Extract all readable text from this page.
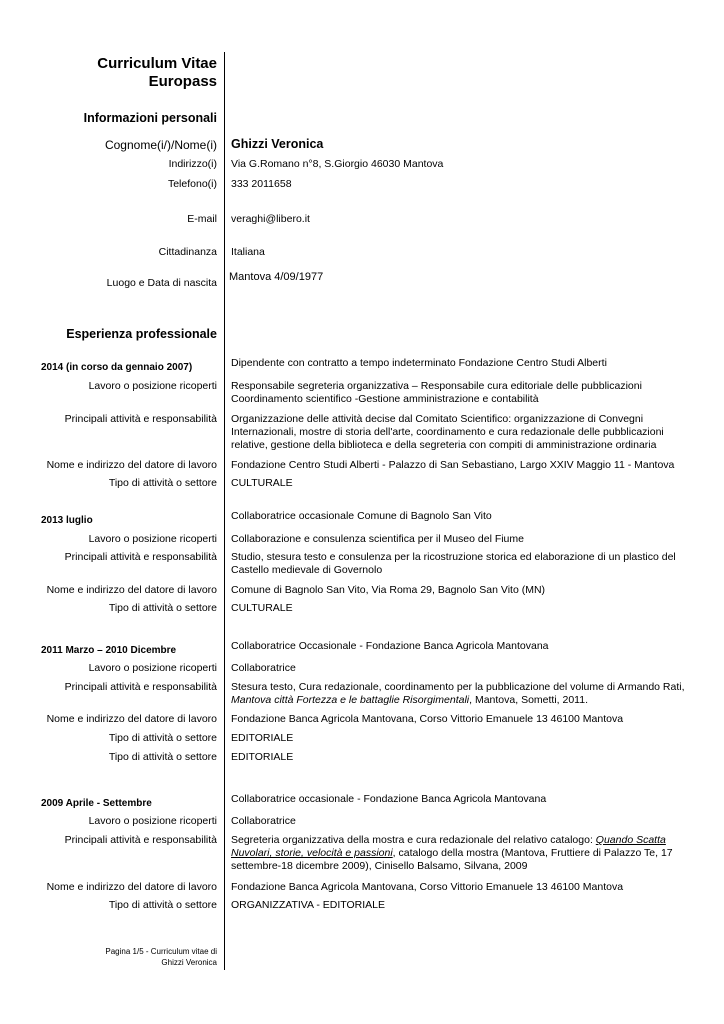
Curriculum Vitae
Europass
Informazioni personali
Cognome(i/)/Nome(i) Ghizzi Veronica
Indirizzo(i) Via G.Romano n°8, S.Giorgio 46030 Mantova
Telefono(i) 333 2011658
E-mail veraghi@libero.it
Cittadinanza Italiana
Luogo e Data di nascita Mantova 4/09/1977
Esperienza professionale
2014 (in corso da gennaio 2007)	Dipendente con contratto a tempo indeterminato Fondazione Centro Studi Alberti
Lavoro o posizione ricoperti Responsabile segreteria organizzativa – Responsabile cura editoriale delle pubblicazioni
Coordinamento scientifico -Gestione amministrazione e contabilità
Principali attività e responsabilità Organizzazione delle attività decise dal Comitato Scientifico: organizzazione di Convegni Internazionali, mostre di storia dell'arte, coordinamento e cura redazionale delle pubblicazioni relative, gestione della biblioteca e della segreteria con compiti di amministrazione ordinaria
Nome e indirizzo del datore di lavoro Fondazione Centro Studi Alberti - Palazzo di San Sebastiano, Largo XXIV Maggio 11 - Mantova
Tipo di attività o settore CULTURALE
2013 luglio	Collaboratrice occasionale Comune di Bagnolo San Vito
Lavoro o posizione ricoperti Collaborazione e consulenza scientifica per il Museo del Fiume
Principali attività e responsabilità Studio, stesura testo e consulenza per la ricostruzione storica ed elaborazione di un plastico del Castello medievale di Governolo
Nome e indirizzo del datore di lavoro Comune di Bagnolo San Vito, Via Roma 29, Bagnolo San Vito (MN)
Tipo di attività o settore CULTURALE
2011 Marzo – 2010 Dicembre	Collaboratrice Occasionale - Fondazione Banca Agricola Mantovana
Lavoro o posizione ricoperti Collaboratrice
Principali attività e responsabilità Stesura testo, Cura redazionale, coordinamento per la pubblicazione del volume di Armando Rati,
Mantova città Fortezza e le battaglie Risorgimentali, Mantova, Sometti, 2011.
Nome e indirizzo del datore di lavoro Fondazione Banca Agricola Mantovana, Corso Vittorio Emanuele 13 46100 Mantova
Tipo di attività o settore EDITORIALE
Tipo di attività o settore EDITORIALE
2009 Aprile - Settembre	Collaboratrice occasionale - Fondazione Banca Agricola Mantovana
Lavoro o posizione ricoperti Collaboratrice
Principali attività e responsabilità Segreteria organizzativa della mostra e cura redazionale del relativo catalogo: Quando Scatta Nuvolari, storie, velocità e passioni, catalogo della mostra (Mantova, Fruttiere di Palazzo Te, 17 settembre-18 dicembre 2009), Cinisello Balsamo, Silvana, 2009
Nome e indirizzo del datore di lavoro Fondazione Banca Agricola Mantovana, Corso Vittorio Emanuele 13 46100 Mantova
Tipo di attività o settore ORGANIZZATIVA - EDITORIALE
Pagina 1/5 - Curriculum vitae di
Ghizzi Veronica
